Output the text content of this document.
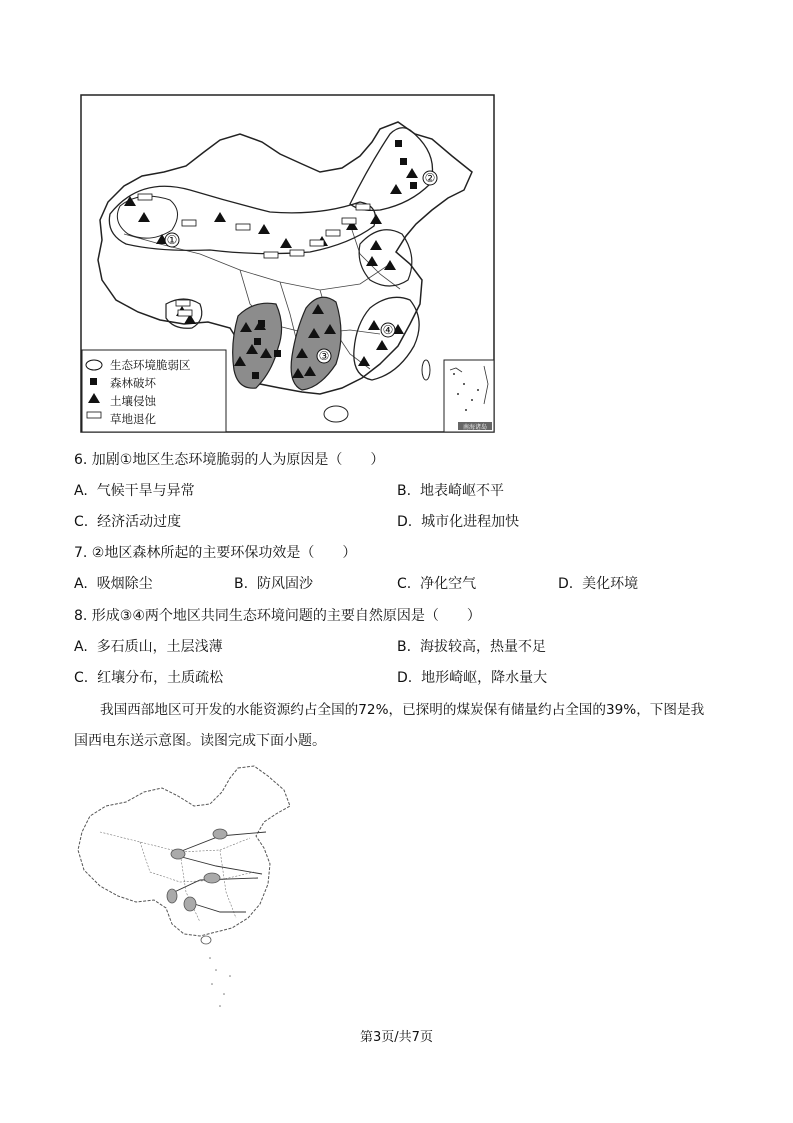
①
②
③
④
生态环境脆弱区
森林破坏
土壤侵蚀
草地退化
南海诸岛
6. 加剧①地区生态环境脆弱的人为原因是（　　）
A. 气候干旱与异常	B. 地表崎岖不平
C. 经济活动过度	D. 城市化进程加快
7. ②地区森林所起的主要环保功效是（　　）
A. 吸烟除尘	B. 防风固沙	C. 净化空气	D. 美化环境
8. 形成③④两个地区共同生态环境问题的主要自然原因是（　　）
A. 多石质山，土层浅薄	B. 海拔较高，热量不足
C. 红壤分布，土质疏松	D. 地形崎岖，降水量大
我国西部地区可开发的水能资源约占全国的72%，已探明的煤炭保有储量约占全国的39%，下图是我
国西电东送示意图。读图完成下面小题。
第3页/共7页
